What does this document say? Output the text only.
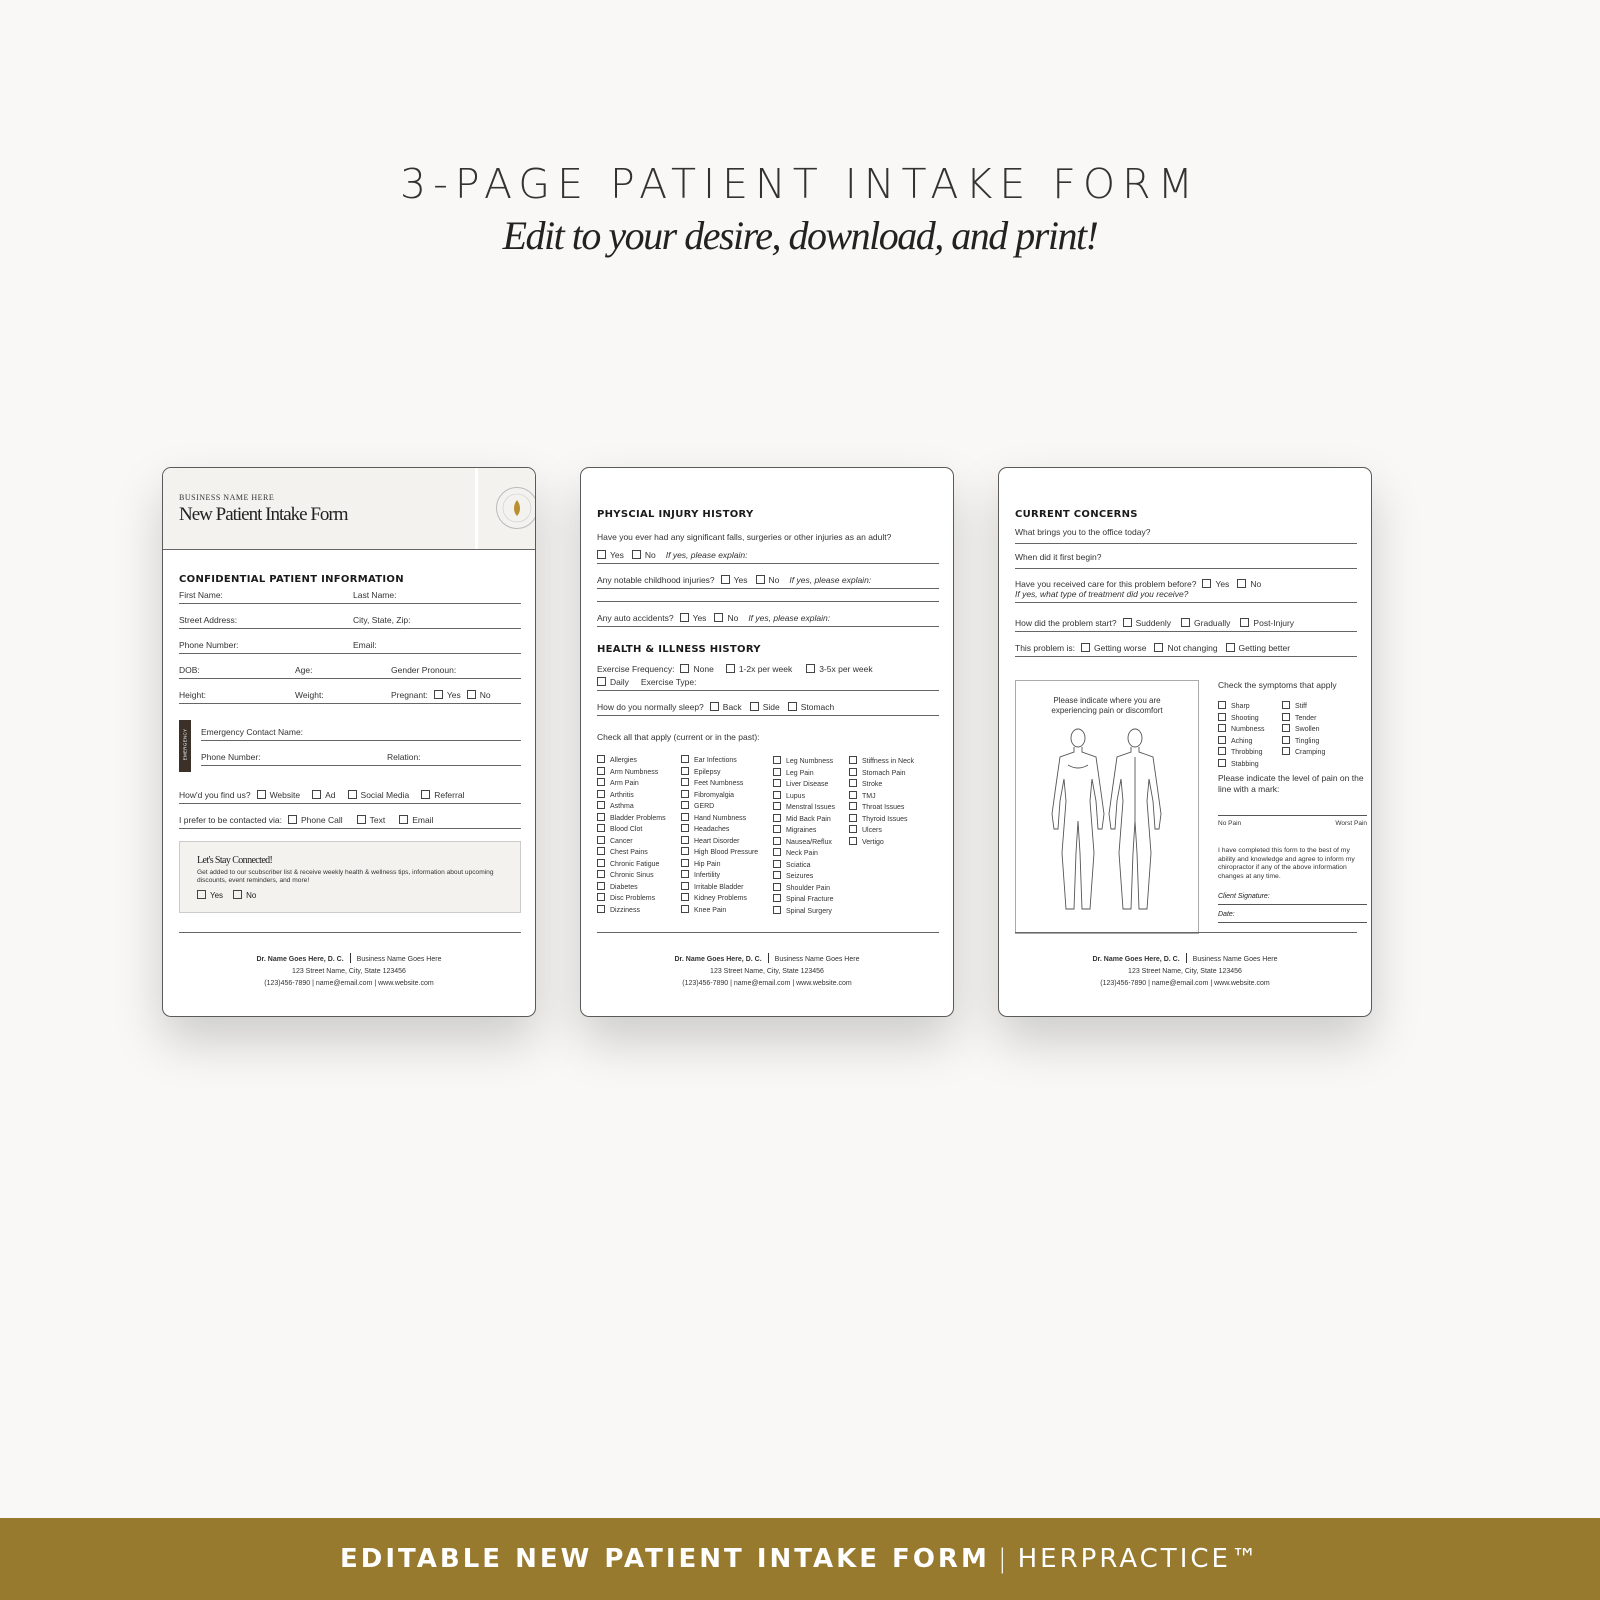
3-PAGE PATIENT INTAKE FORM
Edit to your desire, download, and print!
BUSINESS NAME HERE
New Patient Intake Form
CONFIDENTIAL PATIENT INFORMATION
First Name:	Last Name:
Street Address:	City, State, Zip:
Phone Number:	Email:
DOB:	Age:	Gender Pronoun:
Height:	Weight:	Pregnant: Yes No
EMERGENCY Emergency Contact Name:
Phone Number:	Relation:
How'd you find us? Website	Ad	Social Media	Referral
I prefer to be contacted via: Phone Call	Text	Email
Let's Stay Connected!
Get added to our scubscriber list & receive weekly health & wellness tips, information about upcoming discounts, event reminders, and more!
Yes	No
Dr. Name Goes Here, D. C. Business Name Goes Here
123 Street Name, City, State 123456
(123)456-7890 | name@email.com | www.website.com
PHYSCIAL INJURY HISTORY
Have you ever had any significant falls, surgeries or other injuries as an adult?
Yes No If yes, please explain:
Any notable childhood injuries? Yes No If yes, please explain:
Any auto accidents? Yes No If yes, please explain:
HEALTH & ILLNESS HISTORY
Exercise Frequency: None	1-2x per week	3-5x per week
Daily Exercise Type:
How do you normally sleep? Back Side Stomach
Check all that apply (current or in the past):
Allergies
Arm Numbness
Arm Pain
Arthritis
Asthma
Bladder Problems
Blood Clot
Cancer
Chest Pains
Chronic Fatigue
Chronic Sinus
Diabetes
Disc Problems
Dizziness
Ear Infections
Epilepsy
Feet Numbness
Fibromyalgia
GERD
Hand Numbness
Headaches
Heart Disorder
High Blood Pressure
Hip Pain
Infertility
Irritable Bladder
Kidney Problems
Knee Pain
Leg Numbness
Leg Pain
Liver Disease
Lupus
Menstral Issues
Mid Back Pain
Migraines
Nausea/Reflux
Neck Pain
Sciatica
Seizures
Shoulder Pain
Spinal Fracture
Spinal Surgery
Stiffness in Neck
Stomach Pain
Stroke
TMJ
Throat Issues
Thyroid Issues
Ulcers
Vertigo
Dr. Name Goes Here, D. C. Business Name Goes Here
123 Street Name, City, State 123456
(123)456-7890 | name@email.com | www.website.com
CURRENT CONCERNS
What brings you to the office today?
When did it first begin?
Have you received care for this problem before? Yes No
If yes, what type of treatment did you receive?
How did the problem start? Suddenly	Gradually	Post-Injury
This problem is: Getting worse Not changing Getting better
Please indicate where you are experiencing pain or discomfort
Check the symptoms that apply
Sharp
Shooting
Numbness
Aching
Throbbing
Stabbing
Stiff
Tender
Swollen
Tingling
Cramping
Please indicate the level of pain on the line with a mark:
No Pain	Worst Pain
I have completed this form to the best of my ability and knowledge and agree to inform my chiropractor if any of the above information changes at any time.
Client Signature:
Date:
Dr. Name Goes Here, D. C. Business Name Goes Here
123 Street Name, City, State 123456
(123)456-7890 | name@email.com | www.website.com
EDITABLE NEW PATIENT INTAKE FORM | HERPRACTICE™
